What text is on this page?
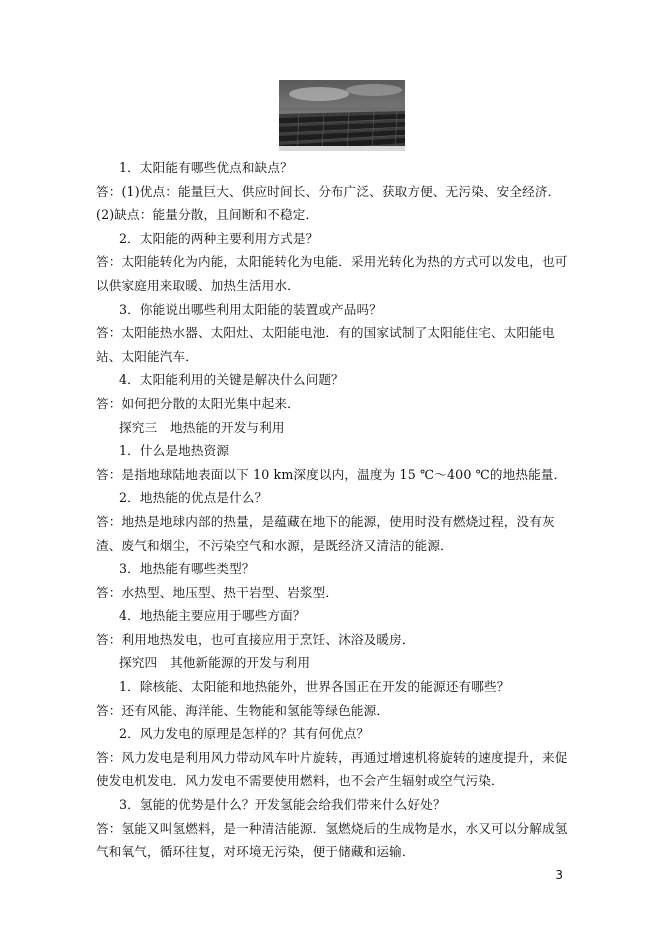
1．太阳能有哪些优点和缺点？

答：(1)优点：能量巨大、供应时间长、分布广泛、获取方便、无污染、安全经济．(2)缺点：能量分散，且间断和不稳定．

2．太阳能的两种主要利用方式是？

答：太阳能转化为内能，太阳能转化为电能．采用光转化为热的方式可以发电，也可以供家庭用来取暖、加热生活用水．

3．你能说出哪些利用太阳能的装置或产品吗？

答：太阳能热水器、太阳灶、太阳能电池．有的国家试制了太阳能住宅、太阳能电站、太阳能汽车．

4．太阳能利用的关键是解决什么问题？

答：如何把分散的太阳光集中起来．

探究三　地热能的开发与利用

1．什么是地热资源

答：是指地球陆地表面以下 10 km深度以内，温度为 15 ℃～400 ℃的地热能量．

2．地热能的优点是什么？

答：地热是地球内部的热量，是蕴藏在地下的能源，使用时没有燃烧过程，没有灰渣、废气和烟尘，不污染空气和水源，是既经济又清洁的能源．

3．地热能有哪些类型？

答：水热型、地压型、热干岩型、岩浆型．

4．地热能主要应用于哪些方面？

答：利用地热发电，也可直接应用于烹饪、沐浴及暖房．

探究四　其他新能源的开发与利用

1．除核能、太阳能和地热能外，世界各国正在开发的能源还有哪些？

答：还有风能、海洋能、生物能和氢能等绿色能源．

2．风力发电的原理是怎样的？其有何优点？

答：风力发电是利用风力带动风车叶片旋转，再通过增速机将旋转的速度提升，来促使发电机发电．风力发电不需要使用燃料，也不会产生辐射或空气污染．

3．氢能的优势是什么？开发氢能会给我们带来什么好处？

答：氢能又叫氢燃料，是一种清洁能源．氢燃烧后的生成物是水，水又可以分解成氢气和氧气，循环往复，对环境无污染，便于储藏和运输．

3
